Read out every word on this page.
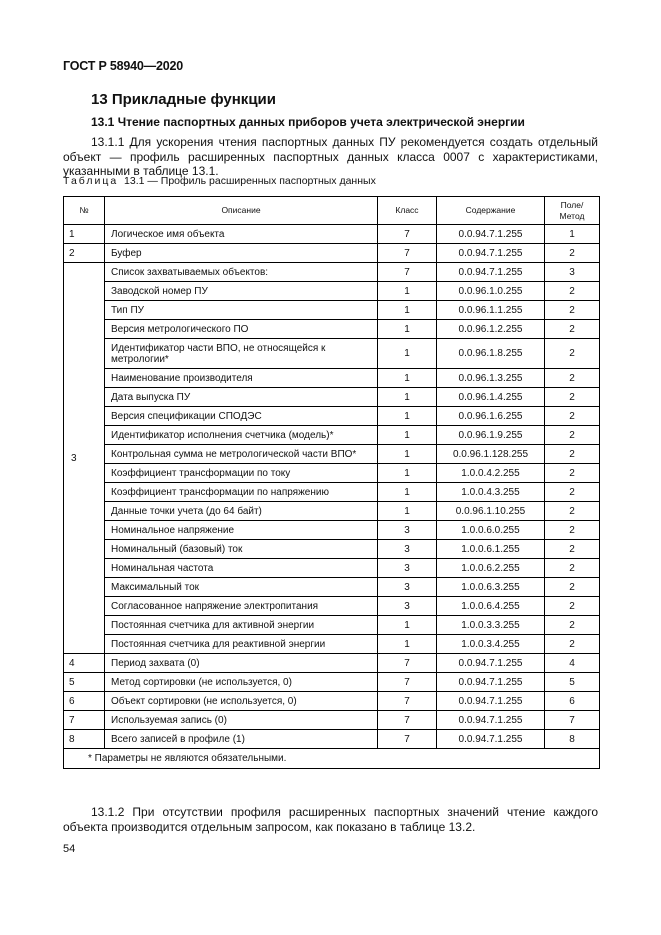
ГОСТ Р 58940—2020
13 Прикладные функции
13.1 Чтение паспортных данных приборов учета электрической энергии
13.1.1 Для ускорения чтения паспортных данных ПУ рекомендуется создать отдельный объект — профиль расширенных паспортных данных класса 0007 с характеристиками, указанными в таблице 13.1.
Таблица 13.1 — Профиль расширенных паспортных данных
№	Описание	Класс	Содержание	Поле/ Метод
1	Логическое имя объекта	7	0.0.94.7.1.255	1
2	Буфер	7	0.0.94.7.1.255	2
3	Список захватываемых объектов:	7	0.0.94.7.1.255	3
	Заводской номер ПУ	1	0.0.96.1.0.255	2
	Тип ПУ	1	0.0.96.1.1.255	2
	Версия метрологического ПО	1	0.0.96.1.2.255	2
	Идентификатор части ВПО, не относящейся к метрологии*	1	0.0.96.1.8.255	2
	Наименование производителя	1	0.0.96.1.3.255	2
	Дата выпуска ПУ	1	0.0.96.1.4.255	2
	Версия спецификации СПОДЭС	1	0.0.96.1.6.255	2
	Идентификатор исполнения счетчика (модель)*	1	0.0.96.1.9.255	2
	Контрольная сумма не метрологической части ВПО*	1	0.0.96.1.128.255	2
	Коэффициент трансформации по току	1	1.0.0.4.2.255	2
	Коэффициент трансформации по напряжению	1	1.0.0.4.3.255	2
	Данные точки учета (до 64 байт)	1	0.0.96.1.10.255	2
	Номинальное напряжение	3	1.0.0.6.0.255	2
	Номинальный (базовый) ток	3	1.0.0.6.1.255	2
	Номинальная частота	3	1.0.0.6.2.255	2
	Максимальный ток	3	1.0.0.6.3.255	2
	Согласованное напряжение электропитания	3	1.0.0.6.4.255	2
	Постоянная счетчика для активной энергии	1	1.0.0.3.3.255	2
	Постоянная счетчика для реактивной энергии	1	1.0.0.3.4.255	2
4	Период захвата (0)	7	0.0.94.7.1.255	4
5	Метод сортировки (не используется, 0)	7	0.0.94.7.1.255	5
6	Объект сортировки (не используется, 0)	7	0.0.94.7.1.255	6
7	Используемая запись (0)	7	0.0.94.7.1.255	7
8	Всего записей в профиле (1)	7	0.0.94.7.1.255	8
* Параметры не являются обязательными.				
13.1.2 При отсутствии профиля расширенных паспортных значений чтение каждого объекта производится отдельным запросом, как показано в таблице 13.2.
54
